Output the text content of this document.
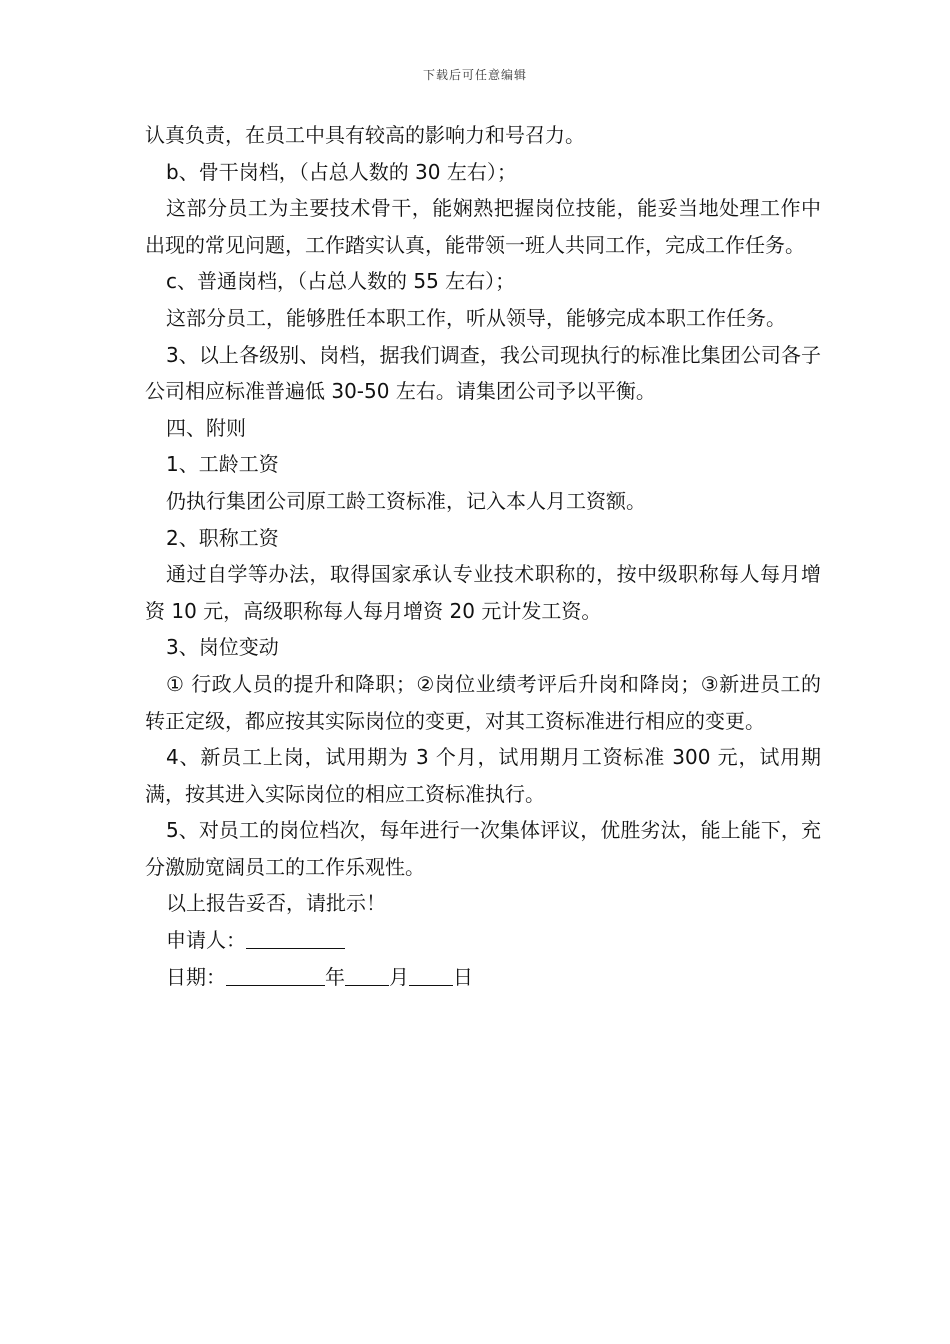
下载后可任意编辑

认真负责，在员工中具有较高的影响力和号召力。

b、骨干岗档，（占总人数的 30 左右）；

这部分员工为主要技术骨干，能娴熟把握岗位技能，能妥当地处理工作中出现的常见问题，工作踏实认真，能带领一班人共同工作，完成工作任务。

c、普通岗档，（占总人数的 55 左右）；

这部分员工，能够胜任本职工作，听从领导，能够完成本职工作任务。

3、以上各级别、岗档，据我们调查，我公司现执行的标准比集团公司各子公司相应标准普遍低 30-50 左右。请集团公司予以平衡。

四、附则

1、工龄工资

仍执行集团公司原工龄工资标准，记入本人月工资额。

2、职称工资

通过自学等办法，取得国家承认专业技术职称的，按中级职称每人每月增资 10 元，高级职称每人每月增资 20 元计发工资。

3、岗位变动

① 行政人员的提升和降职；②岗位业绩考评后升岗和降岗；③新进员工的转正定级，都应按其实际岗位的变更，对其工资标准进行相应的变更。

4、新员工上岗，试用期为 3 个月，试用期月工资标准 300 元，试用期满，按其进入实际岗位的相应工资标准执行。

5、对员工的岗位档次，每年进行一次集体评议，优胜劣汰，能上能下，充分激励宽阔员工的工作乐观性。

以上报告妥否，请批示！

申请人：

日期：	年 月 日
